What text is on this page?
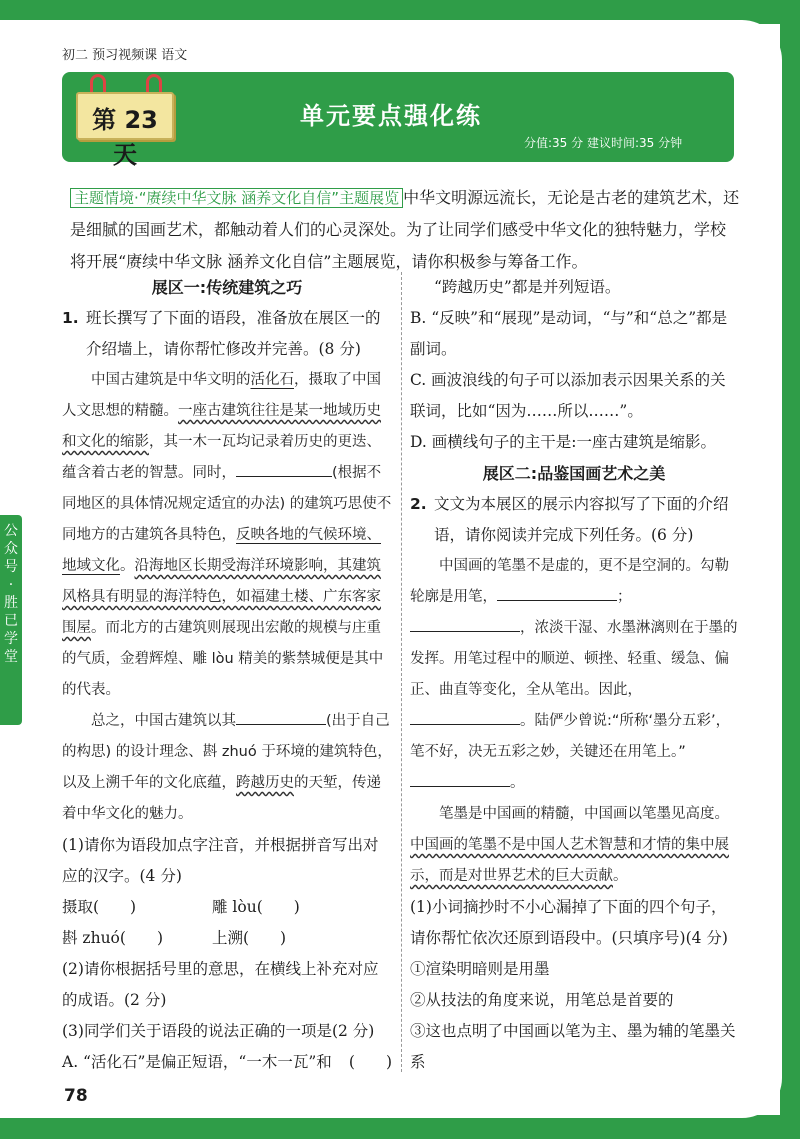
公众号·胜已学堂
初二 预习视频课 语文
第 23 天
单元要点强化练
分值:35 分 建议时间:35 分钟
主题情境·“赓续中华文脉 涵养文化自信”主题展览 中华文明源远流长，无论是古老的建筑艺术，还是细腻的国画艺术，都触动着人们的心灵深处。为了让同学们感受中华文化的独特魅力，学校将开展“赓续中华文脉 涵养文化自信”主题展览，请你积极参与筹备工作。
展区一:传统建筑之巧
1. 班长撰写了下面的语段，准备放在展区一的介绍墙上，请你帮忙修改并完善。(8 分)
中国古建筑是中华文明的活化石，摄取了中国人文思想的精髓。一座古建筑往往是某一地域历史和文化的缩影，其一木一瓦均记录着历史的更迭、蕴含着古老的智慧。同时，	(根据不同地区的具体情况规定适宜的办法) 的建筑巧思使不同地方的古建筑各具特色，反映各地的气候环境、地域文化。沿海地区长期受海洋环境影响，其建筑风格具有明显的海洋特色，如福建土楼、广东客家围屋。而北方的古建筑则展现出宏敞的规模与庄重的气质，金碧辉煌、雕 lòu 精美的紫禁城便是其中的代表。
总之，中国古建筑以其	(出于自己的构思) 的设计理念、斟 zhuó 于环境的建筑特色，以及上溯千年的文化底蕴，跨越历史的天堑，传递着中华文化的魅力。
(1)请你为语段加点字注音，并根据拼音写出对应的汉字。(4 分)
摄取(　　)	雕 lòu(　　)
斟 zhuó(　　)	上溯(　　)
(2)请你根据括号里的意思，在横线上补充对应的成语。(2 分)
(3)同学们关于语段的说法正确的一项是(2 分)
(　　)
A. “活化石”是偏正短语，“一木一瓦”和
“跨越历史”都是并列短语。
B. “反映”和“展现”是动词，“与”和“总之”都是副词。
C. 画波浪线的句子可以添加表示因果关系的关联词，比如“因为……所以……”。
D. 画横线句子的主干是:一座古建筑是缩影。
展区二:品鉴国画艺术之美
2. 文文为本展区的展示内容拟写了下面的介绍语，请你阅读并完成下列任务。(6 分)
中国画的笔墨不是虚的，更不是空洞的。勾勒轮廓是用笔，	；，浓淡干湿、水墨淋漓则在于墨的发挥。用笔过程中的顺逆、顿挫、轻重、缓急、偏正、曲直等变化，全从笔出。因此，。陆俨少曾说:“所称‘墨分五彩’，笔不好，决无五彩之妙，关键还在用笔上。”。
笔墨是中国画的精髓，中国画以笔墨见高度。中国画的笔墨不是中国人艺术智慧和才情的集中展示，而是对世界艺术的巨大贡献。
(1)小词摘抄时不小心漏掉了下面的四个句子，请你帮忙依次还原到语段中。(只填序号)(4 分)
①渲染明暗则是用墨
②从技法的角度来说，用笔总是首要的
③这也点明了中国画以笔为主、墨为辅的笔墨关系
78
